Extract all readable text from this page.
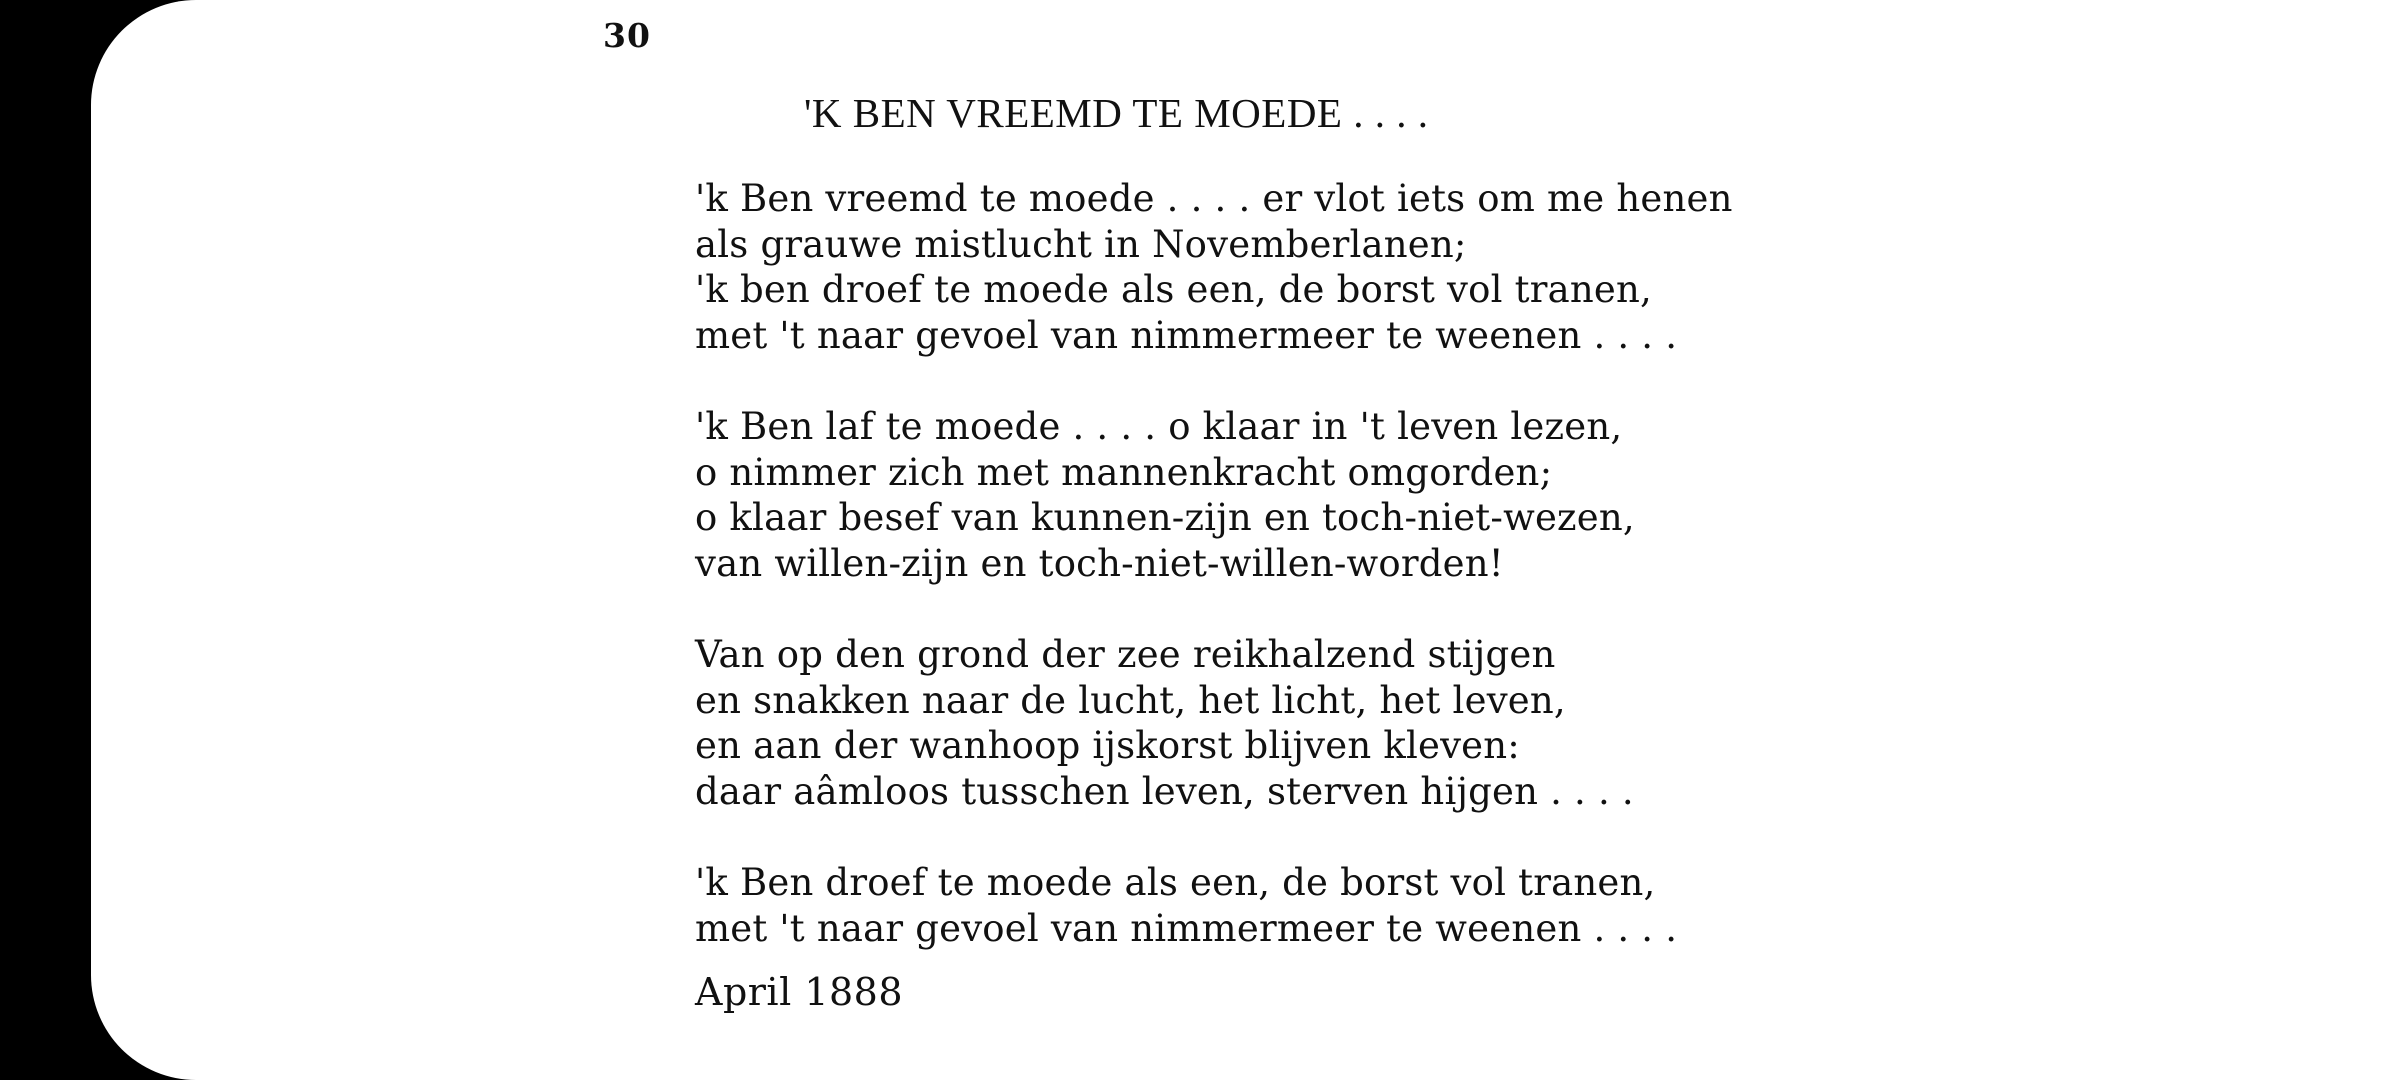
30
'K BEN VREEMD TE MOEDE . . . .
'k Ben vreemd te moede . . . . er vlot iets om me henen
als grauwe mistlucht in Novemberlanen;
'k ben droef te moede als een, de borst vol tranen,
met 't naar gevoel van nimmermeer te weenen . . . .
'k Ben laf te moede . . . . o klaar in 't leven lezen,
o nimmer zich met mannenkracht omgorden;
o klaar besef van kunnen-zijn en toch-niet-wezen,
van willen-zijn en toch-niet-willen-worden!
Van op den grond der zee reikhalzend stijgen
en snakken naar de lucht, het licht, het leven,
en aan der wanhoop ijskorst blijven kleven:
daar aâmloos tusschen leven, sterven hijgen . . . .
'k Ben droef te moede als een, de borst vol tranen,
met 't naar gevoel van nimmermeer te weenen . . . .
April 1888
